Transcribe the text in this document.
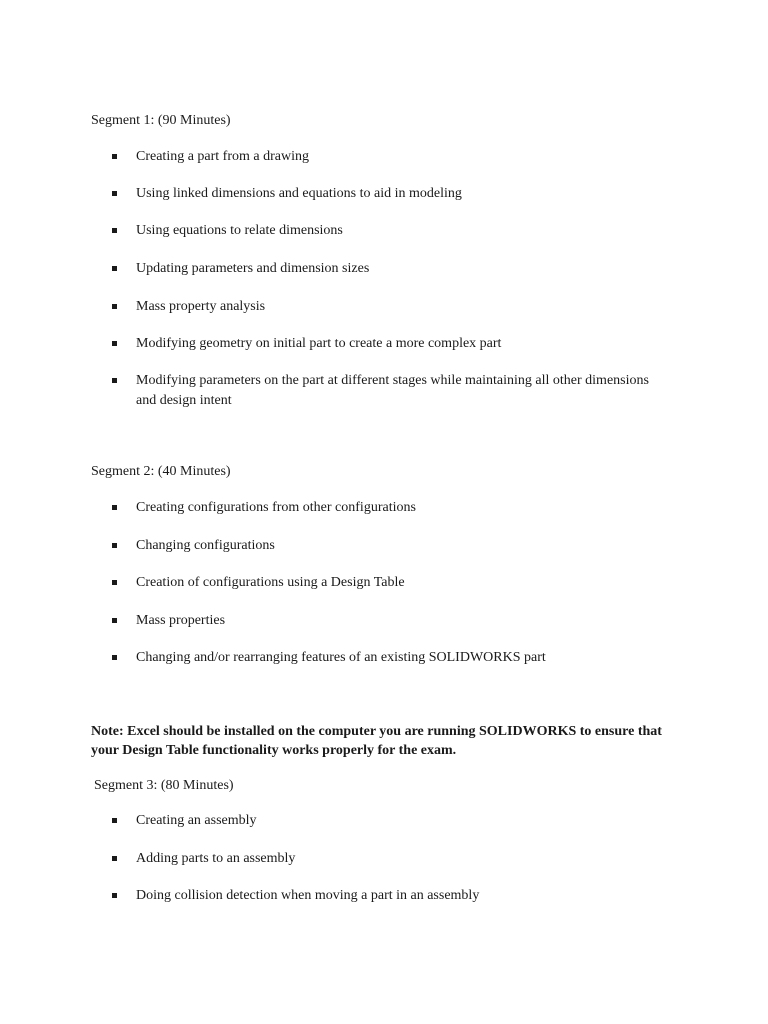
Segment 1: (90 Minutes)
Creating a part from a drawing
Using linked dimensions and equations to aid in modeling
Using equations to relate dimensions
Updating parameters and dimension sizes
Mass property analysis
Modifying geometry on initial part to create a more complex part
Modifying parameters on the part at different stages while maintaining all other dimensions and design intent
Segment 2: (40 Minutes)
Creating configurations from other configurations
Changing configurations
Creation of configurations using a Design Table
Mass properties
Changing and/or rearranging features of an existing SOLIDWORKS part
Note: Excel should be installed on the computer you are running SOLIDWORKS to ensure that your Design Table functionality works properly for the exam.
Segment 3: (80 Minutes)
Creating an assembly
Adding parts to an assembly
Doing collision detection when moving a part in an assembly
